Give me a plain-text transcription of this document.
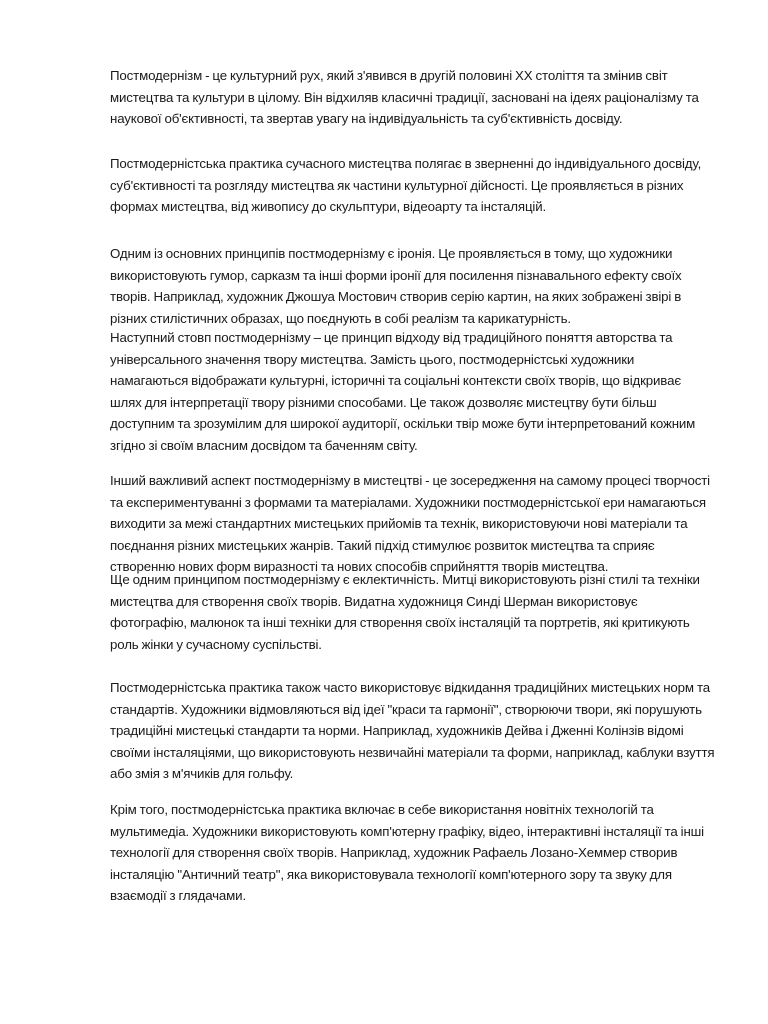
Постмодернізм - це культурний рух, який з'явився в другій половині XX століття та змінив світ мистецтва та культури в цілому. Він відхиляв класичні традиції, засновані на ідеях раціоналізму та наукової об'єктивності, та звертав увагу на індивідуальність та суб'єктивність досвіду.

Постмодерністська практика сучасного мистецтва полягає в зверненні до індивідуального досвіду, суб'єктивності та розгляду мистецтва як частини культурної дійсності. Це проявляється в різних формах мистецтва, від живопису до скульптури, відеоарту та інсталяцій.

Одним із основних принципів постмодернізму є іронія. Це проявляється в тому, що художники використовують гумор, сарказм та інші форми іронії для посилення пізнавального ефекту своїх творів. Наприклад, художник Джошуа Мостович створив серію картин, на яких зображені звірі в різних стилістичних образах, що поєднують в собі реалізм та карикатурність.

Наступний стовп постмодернізму – це принцип відходу від традиційного поняття авторства та універсального значення твору мистецтва. Замість цього, постмодерністські художники намагаються відображати культурні, історичні та соціальні контексти своїх творів, що відкриває шлях для інтерпретації твору різними способами. Це також дозволяє мистецтву бути більш доступним та зрозумілим для широкої аудиторії, оскільки твір може бути інтерпретований кожним згідно зі своїм власним досвідом та баченням світу.

Інший важливий аспект постмодернізму в мистецтві - це зосередження на самому процесі творчості та експериментуванні з формами та матеріалами. Художники постмодерністської ери намагаються виходити за межі стандартних мистецьких прийомів та технік, використовуючи нові матеріали та поєднання різних мистецьких жанрів. Такий підхід стимулює розвиток мистецтва та сприяє створенню нових форм виразності та нових способів сприйняття творів мистецтва.

Ще одним принципом постмодернізму є еклектичність. Митці використовують різні стилі та техніки мистецтва для створення своїх творів. Видатна художниця Синді Шерман використовує фотографію, малюнок та інші техніки для створення своїх інсталяцій та портретів, які критикують роль жінки у сучасному суспільстві.

Постмодерністська практика також часто використовує відкидання традиційних мистецьких норм та стандартів. Художники відмовляються від ідеї "краси та гармонії", створюючи твори, які порушують традиційні мистецькі стандарти та норми. Наприклад, художників Дейва і Дженні Колінзів відомі своїми інсталяціями, що використовують незвичайні матеріали та форми, наприклад, каблуки взуття або змія з м'ячиків для гольфу.

Крім того, постмодерністська практика включає в себе використання новітніх технологій та мультимедіа. Художники використовують комп'ютерну графіку, відео, інтерактивні інсталяції та інші технології для створення своїх творів. Наприклад, художник Рафаель Лозано-Хеммер створив інсталяцію "Античний театр", яка використовувала технології комп'ютерного зору та звуку для взаємодії з глядачами.
